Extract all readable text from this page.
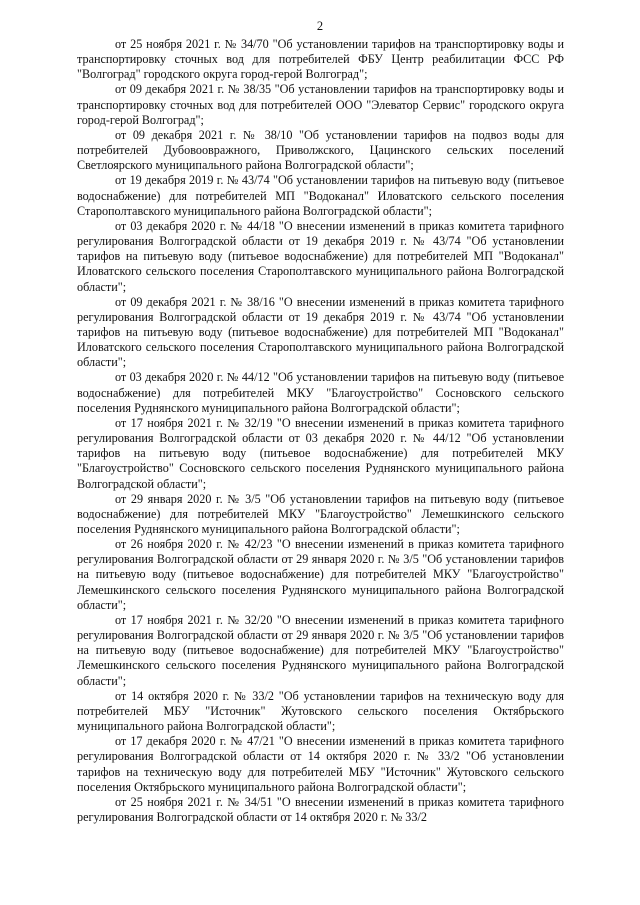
2

от 25 ноября 2021 г. № 34/70 "Об установлении тарифов на транспортировку воды и транспортировку сточных вод для потребителей ФБУ Центр реабилитации ФСС РФ "Волгоград" городского округа город-герой Волгоград";

от 09 декабря 2021 г. № 38/35 "Об установлении тарифов на транспортировку воды и транспортировку сточных вод для потребителей ООО "Элеватор Сервис" городского округа город-герой Волгоград";

от 09 декабря 2021 г. № 38/10 "Об установлении тарифов на подвоз воды для потребителей Дубовоовражного, Приволжского, Цацинского сельских поселений Светлоярского муниципального района Волгоградской области";

от 19 декабря 2019 г. № 43/74 "Об установлении тарифов на питьевую воду (питьевое водоснабжение) для потребителей МП "Водоканал" Иловатского сельского поселения Старополтавского муниципального района Волгоградской области";

от 03 декабря 2020 г. № 44/18 "О внесении изменений в приказ комитета тарифного регулирования Волгоградской области от 19 декабря 2019 г. № 43/74 "Об установлении тарифов на питьевую воду (питьевое водоснабжение) для потребителей МП "Водоканал" Иловатского сельского поселения Старополтавского муниципального района Волгоградской области";

от 09 декабря 2021 г. № 38/16 "О внесении изменений в приказ комитета тарифного регулирования Волгоградской области от 19 декабря 2019 г. № 43/74 "Об установлении тарифов на питьевую воду (питьевое водоснабжение) для потребителей МП "Водоканал" Иловатского сельского поселения Старополтавского муниципального района Волгоградской области";

от 03 декабря 2020 г. № 44/12 "Об установлении тарифов на питьевую воду (питьевое водоснабжение) для потребителей МКУ "Благоустройство" Сосновского сельского поселения Руднянского муниципального района Волгоградской области";

от 17 ноября 2021 г. № 32/19 "О внесении изменений в приказ комитета тарифного регулирования Волгоградской области от 03 декабря 2020 г. № 44/12 "Об установлении тарифов на питьевую воду (питьевое водоснабжение) для потребителей МКУ "Благоустройство" Сосновского сельского поселения Руднянского муниципального района Волгоградской области";

от 29 января 2020 г. № 3/5 "Об установлении тарифов на питьевую воду (питьевое водоснабжение) для потребителей МКУ "Благоустройство" Лемешкинского сельского поселения Руднянского муниципального района Волгоградской области";

от 26 ноября 2020 г. № 42/23 "О внесении изменений в приказ комитета тарифного регулирования Волгоградской области от 29 января 2020 г. № 3/5 "Об установлении тарифов на питьевую воду (питьевое водоснабжение) для потребителей МКУ "Благоустройство" Лемешкинского сельского поселения Руднянского муниципального района Волгоградской области";

от 17 ноября 2021 г. № 32/20 "О внесении изменений в приказ комитета тарифного регулирования Волгоградской области от 29 января 2020 г. № 3/5 "Об установлении тарифов на питьевую воду (питьевое водоснабжение) для потребителей МКУ "Благоустройство" Лемешкинского сельского поселения Руднянского муниципального района Волгоградской области";

от 14 октября 2020 г. № 33/2 "Об установлении тарифов на техническую воду для потребителей МБУ "Источник" Жутовского сельского поселения Октябрьского муниципального района Волгоградской области";

от 17 декабря 2020 г. № 47/21 "О внесении изменений в приказ комитета тарифного регулирования Волгоградской области от 14 октября 2020 г. № 33/2 "Об установлении тарифов на техническую воду для потребителей МБУ "Источник" Жутовского сельского поселения Октябрьского муниципального района Волгоградской области";

от 25 ноября 2021 г. № 34/51 "О внесении изменений в приказ комитета тарифного регулирования Волгоградской области от 14 октября 2020 г. № 33/2
